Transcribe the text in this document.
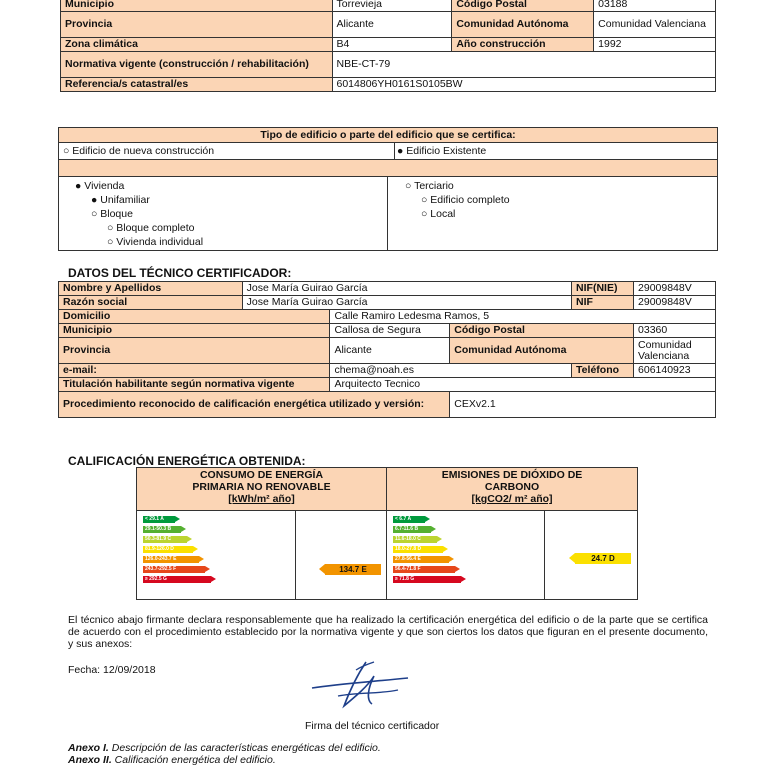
Municipio	Torrevieja	Código Postal	03188
Provincia	Alicante	Comunidad Autónoma	Comunidad Valenciana
Zona climática	B4	Año construcción	1992
Normativa vigente (construcción / rehabilitación)	NBE-CT-79		
Referencia/s catastral/es	6014806YH0161S0105BW		
Tipo de edificio o parte del edificio que se certifica:
○ Edificio de nueva construcción	● Edificio Existente
● Vivienda
● Unifamiliar
○ Bloque
○ Bloque completo
○ Vivienda individual
○ Terciario
○ Edificio completo
○ Local
DATOS DEL TÉCNICO CERTIFICADOR:
Nombre y Apellidos	Jose María Guirao García			NIF(NIE)	29009848V
Razón social	Jose María Guirao García			NIF	29009848V
Domicilio		Calle Ramiro Ledesma Ramos, 5			
Municipio		Callosa de Segura	Código Postal		03360
Provincia		Alicante	Comunidad Autónoma		Comunidad Valenciana
e-mail:		chema@noah.es		Teléfono	606140923
Titulación habilitante según normativa vigente		Arquitecto Tecnico			
Procedimiento reconocido de calificación energética utilizado y versión:			CEXv2.1		
CALIFICACIÓN ENERGÉTICA OBTENIDA:
CONSUMO DE ENERGÍA PRIMARIA NO RENOVABLE
[kWh/m² año]
EMISIONES DE DIÓXIDO DE CARBONO
[kgCO2/ m² año]
< 29.1 A
29.1-50.3 B
50.3-81.9 C
81.9-126.0 D
126.0-243.7 E
243.7-292.5 F
≥ 292.5 G
< 6.7 A
6.7-11.6 B
11.6-18.0 C
18.0-27.8 D
27.8-56.4 E
56.4-71.8 F
≥ 71.8 G
134.7 E
24.7 D
El técnico abajo firmante declara responsablemente que ha realizado la certificación energética del edificio o de la parte que se certifica de acuerdo con el procedimiento establecido por la normativa vigente y que son ciertos los datos que figuran en el presente documento, y sus anexos:
Fecha: 12/09/2018
Firma del técnico certificador
Anexo I. Descripción de las características energéticas del edificio.
Anexo II. Calificación energética del edificio.
